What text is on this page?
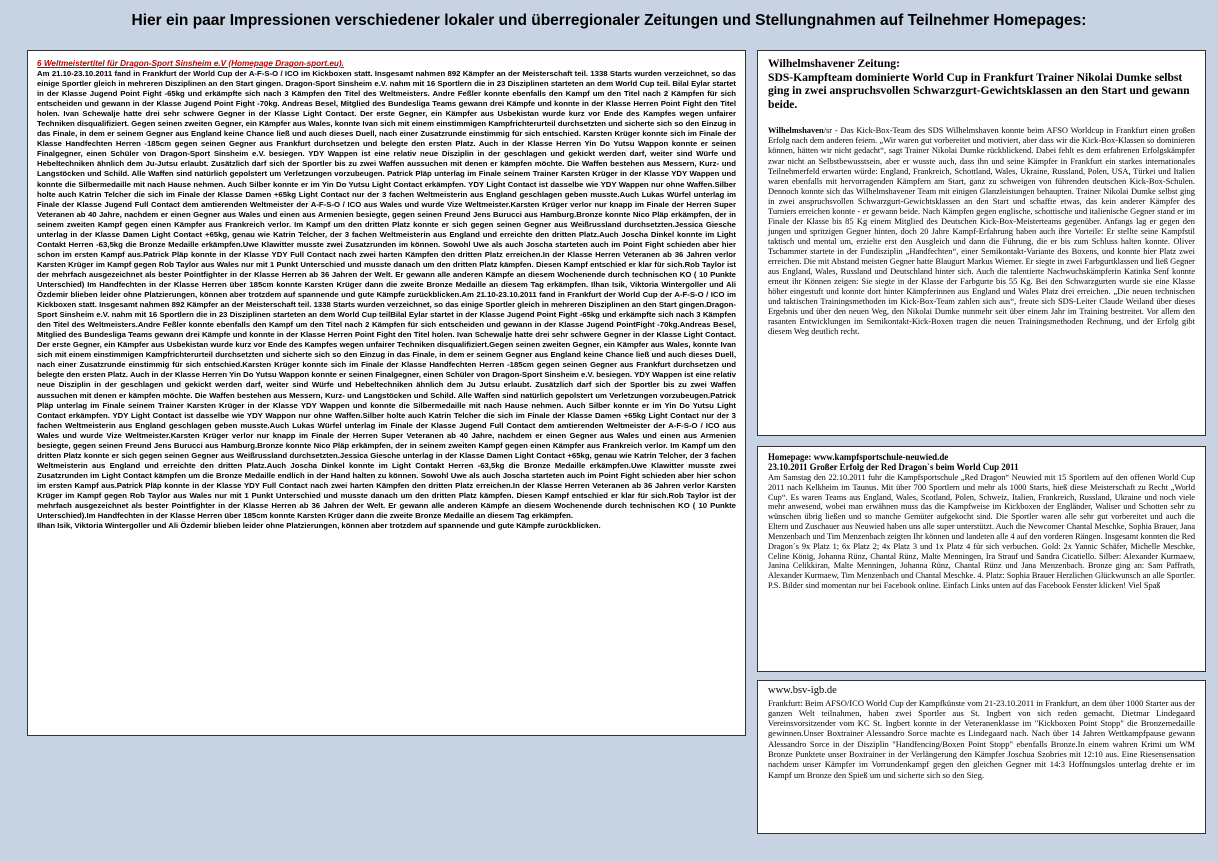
Hier ein paar Impressionen verschiedener lokaler und überregionaler Zeitungen und Stellungnahmen auf Teilnehmer Homepages:
6 Weltmeistertitel für Dragon-Sport Sinsheim e.V (Homepage Dragon-sport.eu).

Am 21.10-23.10.2011 fand in Frankfurt der World Cup der A-F-S-O / ICO im Kickboxen statt. Insgesamt nahmen 892 Kämpfer an der Meisterschaft teil. 1338 Starts wurden verzeichnet, so das einige Sportler gleich in mehreren Disziplinen an den Start gingen. Dragon-Sport Sinsheim e.V. nahm mit 16 Sportlern die in 23 Disziplinen starteten an dem World Cup teil. Bilal Eylar startet in der Klasse Jugend Point Fight -65kg und erkämpfte sich nach 3 Kämpfen den Titel des Weltmeisters. Andre Feßler konnte ebenfalls den Kampf um den Titel nach 2 Kämpfen für sich entscheiden und gewann in der Klasse Jugend Point Fight -70kg. Andreas Besel, Mitglied des Bundesliga Teams gewann drei Kämpfe und konnte in der Klasse Herren Point Fight den Titel holen. Ivan Schewalje hatte drei sehr schwere Gegner in der Klasse Light Contact. Der erste Gegner, ein Kämpfer aus Usbekistan wurde kurz vor Ende des Kampfes wegen unfairer Techniken disqualifiziert. Gegen seinen zweiten Gegner, ein Kämpfer aus Wales, konnte Ivan sich mit einem einstimmigen Kampfrichterurteil durchsetzten und sicherte sich so den Einzug in das Finale, in dem er seinem Gegner aus England keine Chance ließ und auch dieses Duell, nach einer Zusatzrunde einstimmig für sich entschied. Karsten Krüger konnte sich im Finale der Klasse Handfechten Herren -185cm gegen seinen Gegner aus Frankfurt durchsetzen und belegte den ersten Platz. Auch in der Klasse Herren Yin Do Yutsu Wappon konnte er seinen Finalgegner, einen Schüler von Dragon-Sport Sinsheim e.V. besiegen. YDY Wappen ist eine relativ neue Disziplin in der geschlagen und gekickt werden darf, weiter sind Würfe und Hebeltechniken ähnlich dem Ju-Jutsu erlaubt. Zusätzlich darf sich der Sportler bis zu zwei Waffen aussuchen mit denen er kämpfen möchte. Die Waffen bestehen aus Messern, Kurz- und Langstöcken und Schild. Alle Waffen sind natürlich gepolstert um Verletzungen vorzubeugen. Patrick Pläp unterlag im Finale seinem Trainer Karsten Krüger in der Klasse YDY Wappen und konnte die Silbermedaille mit nach Hause nehmen. Auch Silber konnte er im Yin Do Yutsu Light Contact erkämpfen. YDY Light Contact ist dasselbe wie YDY Wappen nur ohne Waffen.Silber holte auch Katrin Telcher die sich im Finale der Klasse Damen +65kg Light Contact nur der 3 fachen Weltmeisterin aus England geschlagen geben musste.Auch Lukas Würfel unterlag im Finale der Klasse Jugend Full Contact dem amtierenden Weltmeister der A-F-S-O / ICO aus Wales und wurde Vize Weltmeister.Karsten Krüger verlor nur knapp im Finale der Herren Super Veteranen ab 40 Jahre, nachdem er einen Gegner aus Wales und einen aus Armenien besiegte, gegen seinen Freund Jens Burucci aus Hamburg.Bronze konnte Nico Pläp erkämpfen, der in seinem zweiten Kampf gegen einen Kämpfer aus Frankreich verlor. Im Kampf um den dritten Platz konnte er sich gegen seinen Gegner aus Weißrussland durchsetzten.Jessica Giesche unterlag in der Klasse Damen Light Contact +65kg, genau wie Katrin Telcher, der 3 fachen Weltmeisterin aus England und erreichte den dritten Platz.Auch Joscha Dinkel konnte im Light Contakt Herren -63,5kg die Bronze Medaille erkämpfen.Uwe Klawitter musste zwei Zusatzrunden im können. Sowohl Uwe als auch Joscha starteten auch im Point Fight schieden aber hier schon im ersten Kampf aus.Patrick Pläp konnte in der Klasse YDY Full Contact nach zwei harten Kämpfen den dritten Platz erreichen.In der Klasse Herren Veteranen ab 36 Jahren verlor Karsten Krüger im Kampf gegen Rob Taylor aus Wales nur mit 1 Punkt Unterschied und musste danach um den dritten Platz kämpfen. Diesen Kampf entschied er klar für sich.Rob Taylor ist der mehrfach ausgezeichnet als bester Pointfighter in der Klasse Herren ab 36 Jahren der Welt. Er gewann alle anderen Kämpfe an diesem Wochenende durch technischen KO ( 10 Punkte Unterschied) Im Handfechten in der Klasse Herren über 185cm konnte Karsten Krüger dann die zweite Bronze Medaille an diesem Tag erkämpfen. Ilhan Isik, Viktoria Wintergoller und Ali Özdemir blieben leider ohne Platzierungen, können aber trotzdem auf spannende und gute Kämpfe zurückblicken.Am 21.10-23.10.2011 fand in Frankfurt der World Cup der A-F-S-O / ICO im Kickboxen statt. Insgesamt nahmen 892 Kämpfer an der Meisterschaft teil. 1338 Starts wurden verzeichnet, so das einige Sportler gleich in mehreren Disziplinen an den Start gingen.Dragon-Sport Sinsheim e.V. nahm mit 16 Sportlern die in 23 Disziplinen starteten an dem World Cup teilBilal Eylar startet in der Klasse Jugend Point Fight -65kg und erkämpfte sich nach 3 Kämpfen den Titel des Weltmeisters.Andre Feßler konnte ebenfalls den Kampf um den Titel nach 2 Kämpfen für sich entscheiden und gewann in der Klasse Jugend PointFight -70kg.Andreas Besel, Mitglied des Bundesliga Teams gewann drei Kämpfe und konnte in der Klasse Herren Point Fight den Titel holen. Ivan Schewalje hatte drei sehr schwere Gegner in der Klasse Light Contact. Der erste Gegner, ein Kämpfer aus Usbekistan wurde kurz vor Ende des Kampfes wegen unfairer Techniken disqualifiziert.Gegen seinen zweiten Gegner, ein Kämpfer aus Wales, konnte Ivan sich mit einem einstimmigen Kampfrichterurteil durchsetzten und sicherte sich so den Einzug in das Finale, in dem er seinem Gegner aus England keine Chance ließ und auch dieses Duell, nach einer Zusatzrunde einstimmig für sich entschied.Karsten Krüger konnte sich im Finale der Klasse Handfechten Herren -185cm gegen seinen Gegner aus Frankfurt durchsetzen und belegte den ersten Platz. Auch in der Klasse Herren Yin Do Yutsu Wappon konnte er seinen Finalgegner, einen Schüler von Dragon-Sport Sinsheim e.V. besiegen. YDY Wappen ist eine relativ neue Disziplin in der geschlagen und gekickt werden darf, weiter sind Würfe und Hebeltechniken ähnlich dem Ju Jutsu erlaubt. Zusätzlich darf sich der Sportler bis zu zwei Waffen aussuchen mit denen er kämpfen möchte. Die Waffen bestehen aus Messern, Kurz- und Langstöcken und Schild. Alle Waffen sind natürlich gepolstert um Verletzungen vorzubeugen.Patrick Pläp unterlag im Finale seinem Trainer Karsten Krüger in der Klasse YDY Wappen und konnte die Silbermedaille mit nach Hause nehmen. Auch Silber konnte er im Yin Do Yutsu Light Contact erkämpfen. YDY Light Contact ist dasselbe wie YDY Wappon nur ohne Waffen.Silber holte auch Katrin Telcher die sich im Finale der Klasse Damen +65kg Light Contact nur der 3 fachen Weltmeisterin aus England geschlagen geben musste.Auch Lukas Würfel unterlag im Finale der Klasse Jugend Full Contact dem amtierenden Weltmeister der A-F-S-O / ICO aus Wales und wurde Vize Weltmeister.Karsten Krüger verlor nur knapp im Finale der Herren Super Veteranen ab 40 Jahre, nachdem er einen Gegner aus Wales und einen aus Armenien besiegte, gegen seinen Freund Jens Burucci aus Hamburg.Bronze konnte Nico Pläp erkämpfen, der in seinem zweiten Kampf gegen einen Kämpfer aus Frankreich verlor. Im Kampf um den dritten Platz konnte er sich gegen seinen Gegner aus Weißrussland durchsetzten.Jessica Giesche unterlag in der Klasse Damen Light Contact +65kg, genau wie Katrin Telcher, der 3 fachen Weltmeisterin aus England und erreichte den dritten Platz.Auch Joscha Dinkel konnte im Light Contakt Herren -63,5kg die Bronze Medaille erkämpfen.Uwe Klawitter musste zwei Zusatzrunden im Light Contact kämpfen um die Bronze Medaille endlich in der Hand halten zu können. Sowohl Uwe als auch Joscha starteten auch im Point Fight schieden aber hier schon im ersten Kampf aus.Patrick Pläp konnte in der Klasse YDY Full Contact nach zwei harten Kämpfen den dritten Platz erreichen.In der Klasse Herren Veteranen ab 36 Jahren verlor Karsten Krüger im Kampf gegen Rob Taylor aus Wales nur mit 1 Punkt Unterschied und musste danach um den dritten Platz kämpfen. Diesen Kampf entschied er klar für sich.Rob Taylor ist der mehrfach ausgezeichnet als bester Pointfighter in der Klasse Herren ab 36 Jahren der Welt. Er gewann alle anderen Kämpfe an diesem Wochenende durch technischen KO ( 10 Punkte Unterschied).Im Handfechten in der Klasse Herren über 185cm konnte Karsten Krüger dann die zweite Bronze Medaille an diesem Tag erkämpfen.

Ilhan Isik, Viktoria Wintergoller und Ali Özdemir blieben leider ohne Platzierungen, können aber trotzdem auf spannende und gute Kämpfe zurückblicken.

Wilhelmshavener Zeitung:

SDS-Kampfteam dominierte World Cup in Frankfurt Trainer Nikolai Dumke selbst ging in zwei anspruchsvollen Schwarzgurt-Gewichtsklassen an den Start und gewann beide.

Wilhelmshaven/sr - Das Kick-Box-Team des SDS Wilhelmshaven konnte beim AFSO Worldcup in Frankfurt einen großen Erfolg nach dem anderen feiern. „Wir waren gut vorbereitet und motiviert, aber dass wir die Kick-Box-Klassen so dominieren können, hätten wir nicht gedacht“, sagt Trainer Nikolai Dumke rückblickend. Dabei fehlt es dem erfahrenen Erfolgskämpfer zwar nicht an Selbstbewusstsein, aber er wusste auch, dass ihn und seine Kämpfer in Frankfurt ein starkes internationales Teilnehmerfeld erwarten würde: England, Frankreich, Schottland, Wales, Ukraine, Russland, Polen, USA, Türkei und Italien waren ebenfalls mit hervorragenden Kämpfern am Start, ganz zu schweigen von führenden deutschen Kick-Box-Schulen. Dennoch konnte sich das Wilhelmshavener Team mit einigen Glanzleistungen behaupten. Trainer Nikolai Dumke selbst ging in zwei anspruchsvollen Schwarzgurt-Gewichtsklassen an den Start und schaffte etwas, das kein anderer Kämpfer des Turniers erreichen konnte - er gewann beide. Nach Kämpfen gegen englische, schottische und italienische Gegner stand er im Finale der Klasse bis 85 Kg einem Mitglied des Deutschen Kick-Box-Meisterteams gegenüber. Anfangs lag er gegen den jungen und spritzigen Gegner hinten, doch 20 Jahre Kampf-Erfahrung haben auch ihre Vorteile: Er stellte seine Kampfstil taktisch und mental um, erzielte erst den Ausgleich und dann die Führung, die er bis zum Schluss halten konnte. Oliver Tschammer startete in der Fundisziplin „Handfechten“, einer Semikontakt-Variante des Boxens, und konnte hier Platz zwei erreichen. Die mit Abstand meisten Gegner hatte Blaugurt Markus Wiemer. Er siegte in zwei Farbgurtklassen und ließ Gegner aus England, Wales, Russland und Deutschland hinter sich. Auch die talentierte Nachwuchskämpferin Katinka Senf konnte erneut ihr Können zeigen: Sie siegte in der Klasse der Farbgurte bis 55 Kg. Bei den Schwarzgurten wurde sie eine Klasse höher eingestuft und konnte dort hinter Kämpferinnen aus England und Wales Platz drei erreichen. „Die neuen technischen und taktischen Trainingsmethoden im Kick-Box-Team zahlen sich aus“, freute sich SDS-Leiter Claude Weiland über dieses Ergebnis und über den neuen Weg, den Nikolai Dumke nunmehr seit über einem Jahr im Training bestreitet. Vor allem den rasanten Entwicklungen im Semikontakt-Kick-Boxen tragen die neuen Trainingsmethoden Rechnung, und der Erfolg gibt diesem Weg deutlich recht.

Homepage: www.kampfsportschule-neuwied.de

23.10.2011 Großer Erfolg der Red Dragon`s beim World Cup 2011

Am Samstag den 22.10.2011 fuhr die Kampfsportschule „Red Dragon“ Neuwied mit 15 Sportlern auf den offenen World Cup 2011 nach Kelkheim im Taunus. Mit über 700 Sportlern und mehr als 1000 Starts, hieß diese Meisterschaft zu Recht „World Cup“. Es waren Teams aus England, Wales, Scotland, Polen, Schweiz, Italien, Frankreich, Russland, Ukraine und noch viele mehr anwesend, wobei man erwähnen muss das die Kampfweise im Kickboxen der Engländer, Waliser und Schotten sehr zu wünschen übrig ließen und so manche Gemüter aufgekocht sind. Die Sportler waren alle sehr gut vorbereitet und auch die Eltern und Zuschauer aus Neuwied haben uns alle super unterstützt. Auch die Newcomer Chantal Meschke, Sophia Brauer, Jana Menzenbach und Tim Menzenbach zeigten Ihr können und landeten alle 4 auf den vorderen Rängen. Insgesamt konnten die Red Dragon´s 9x Platz 1; 6x Platz 2; 4x Platz 3 und 1x Platz 4 für sich verbuchen. Gold: 2x Yannic Schäfer, Michelle Meschke, Celine König, Johanna Rünz, Chantal Rünz, Malte Menningen, Ira Strauf und Sandra Cicatiello. Silber: Alexander Kurmaew, Janina Celikkiran, Malte Menningen, Johanna Rünz, Chantal Rünz und Jana Menzenbach. Bronze ging an: Sam Paffrath, Alexander Kurmaew, Tim Menzenbach und Chantal Meschke. 4. Platz: Sophia Brauer Herzlichen Glückwunsch an alle Sportler. P.S. Bilder sind momentan nur bei Facebook online. Einfach Links unten auf das Facebook Fenster klicken! Viel Spaß

www.bsv-igb.de

Frankfurt: Beim AFSO/ICO World Cup der Kampfkünste vom 21-23.10.2011 in Frankfurt, an dem über 1000 Starter aus der ganzen Welt teilnahmen, haben zwei Sportler aus St. Ingbert von sich reden gemacht. Dietmar Lindegaard Vereinsvorsitzender vom KC St. Ingbert konnte in der Veteranenklasse im "Kickboxen Point Stopp" die Bronzemedaille gewinnen.Unser Boxtrainer Alessandro Sorce machte es Lindegaard nach. Nach über 14 Jahren Wettkampfpause gewann Alessandro Sorce in der Disziplin "Handfencing/Boxen Point Stopp" ebenfalls Bronze.In einem wahren Krimi um WM Bronze Punktete unser Boxtrainer in der Verlängerung den Kämpfer Joschua Szobries mit 12:10 aus. Eine Riesensensation nachdem unser Kämpfer im Vorrundenkampf gegen den gleichen Gegner mit 14:3 Hoffnungslos unterlag drehte er im Kampf um Bronze den Spieß um und sicherte sich so den Sieg.
